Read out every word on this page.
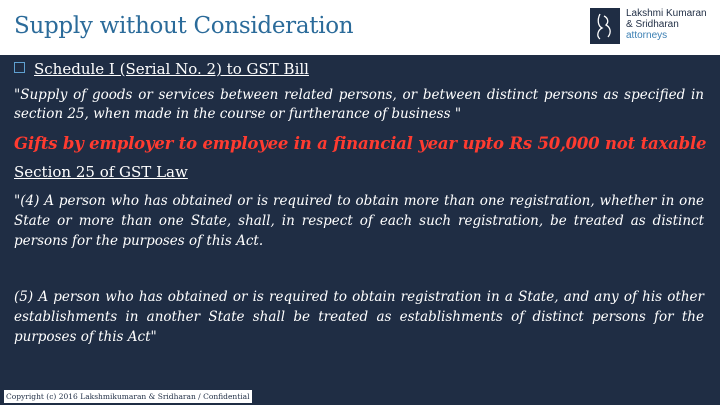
Supply without Consideration	Lakshmi Kumaran
& Sridharan
attorneys
Schedule I (Serial No. 2) to GST Bill
"Supply of goods or services between related persons, or between distinct persons as specified in section 25, when made in the course or furtherance of business "
Gifts by employer to employee in a financial year upto Rs 50,000 not taxable
Section 25 of GST Law
"(4) A person who has obtained or is required to obtain more than one registration, whether in one State or more than one State, shall, in respect of each such registration, be treated as distinct persons for the purposes of this Act.
(5) A person who has obtained or is required to obtain registration in a State, and any of his other establishments in another State shall be treated as establishments of distinct persons for the purposes of this Act"
Copyright (c) 2016 Lakshmikumaran & Sridharan / Confidential
